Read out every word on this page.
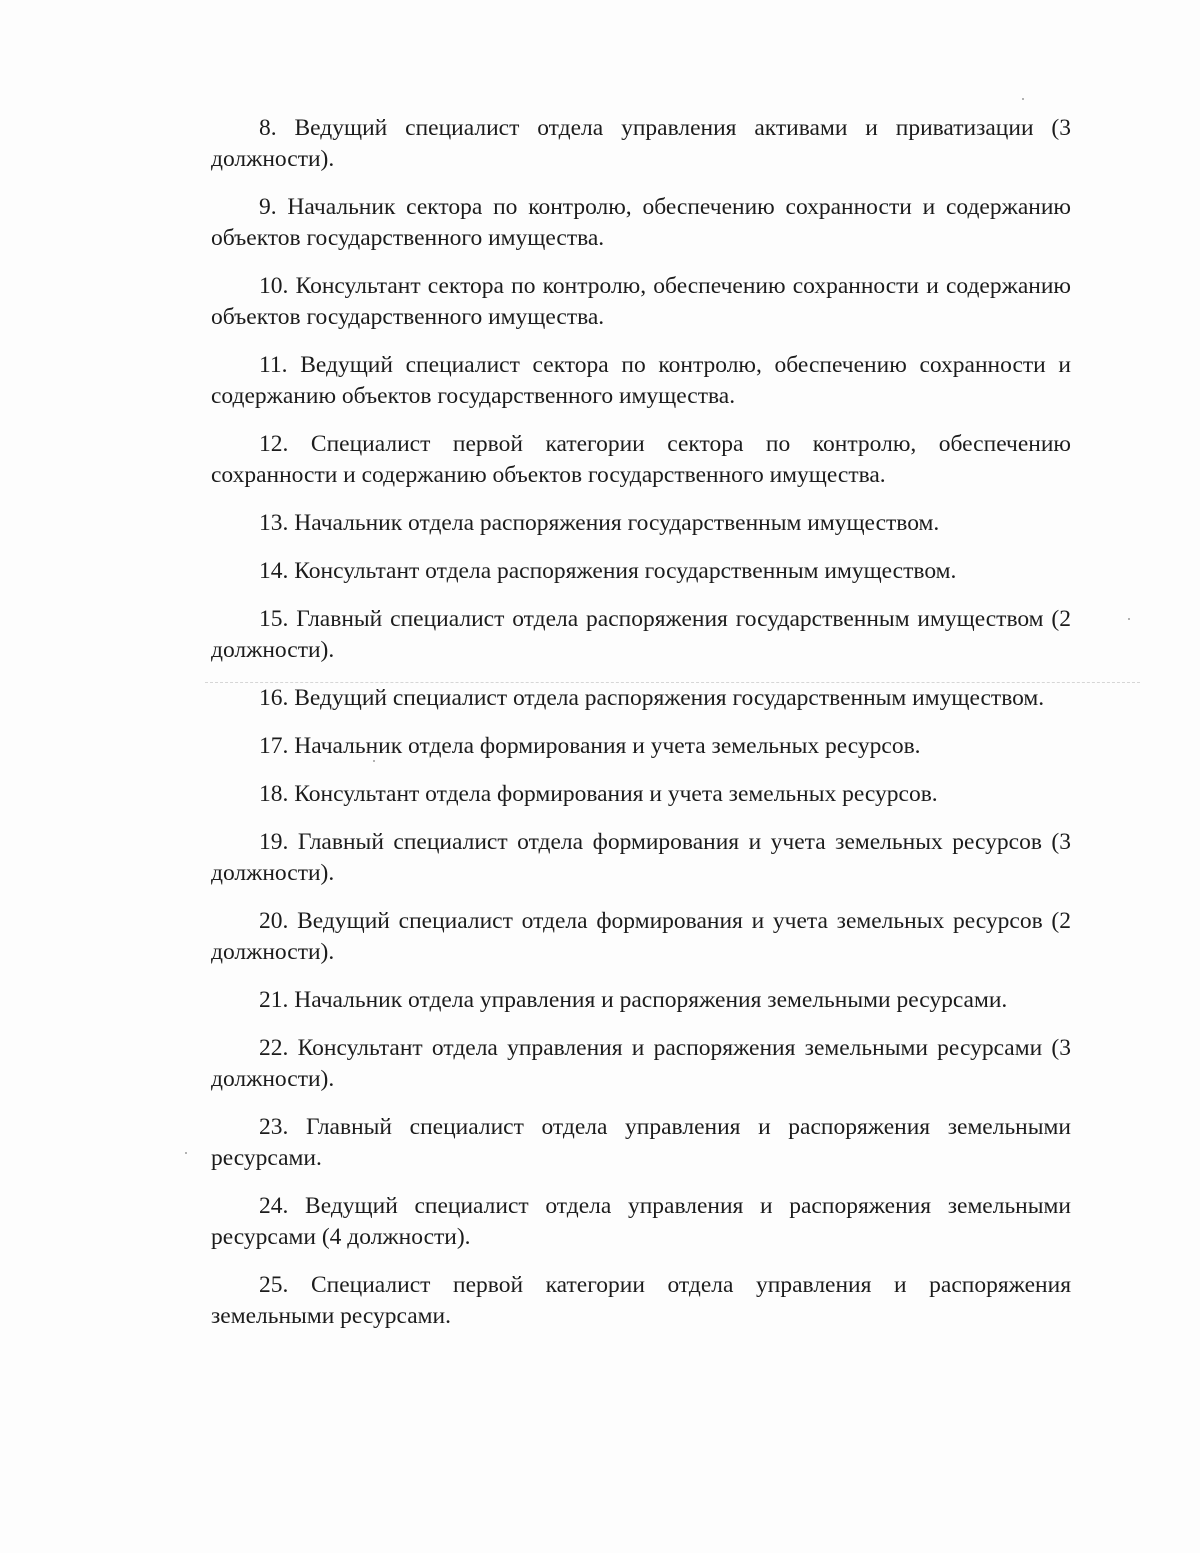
8. Ведущий специалист отдела управления активами и приватизации (3 должности).

9. Начальник сектора по контролю, обеспечению сохранности и содержанию объектов государственного имущества.

10. Консультант сектора по контролю, обеспечению сохранности и содержанию объектов государственного имущества.

11. Ведущий специалист сектора по контролю, обеспечению сохранности и содержанию объектов государственного имущества.

12. Специалист первой категории сектора по контролю, обеспечению сохранности и содержанию объектов государственного имущества.

13. Начальник отдела распоряжения государственным имуществом.

14. Консультант отдела распоряжения государственным имуществом.

15. Главный специалист отдела распоряжения государственным имуществом (2 должности).

16. Ведущий специалист отдела распоряжения государственным имуществом.

17. Начальник отдела формирования и учета земельных ресурсов.

18. Консультант отдела формирования и учета земельных ресурсов.

19. Главный специалист отдела формирования и учета земельных ресурсов (3 должности).

20. Ведущий специалист отдела формирования и учета земельных ресурсов (2 должности).

21. Начальник отдела управления и распоряжения земельными ресурсами.

22. Консультант отдела управления и распоряжения земельными ресурсами (3 должности).

23. Главный специалист отдела управления и распоряжения земельными ресурсами.

24. Ведущий специалист отдела управления и распоряжения земельными ресурсами (4 должности).

25. Специалист первой категории отдела управления и распоряжения земельными ресурсами.
